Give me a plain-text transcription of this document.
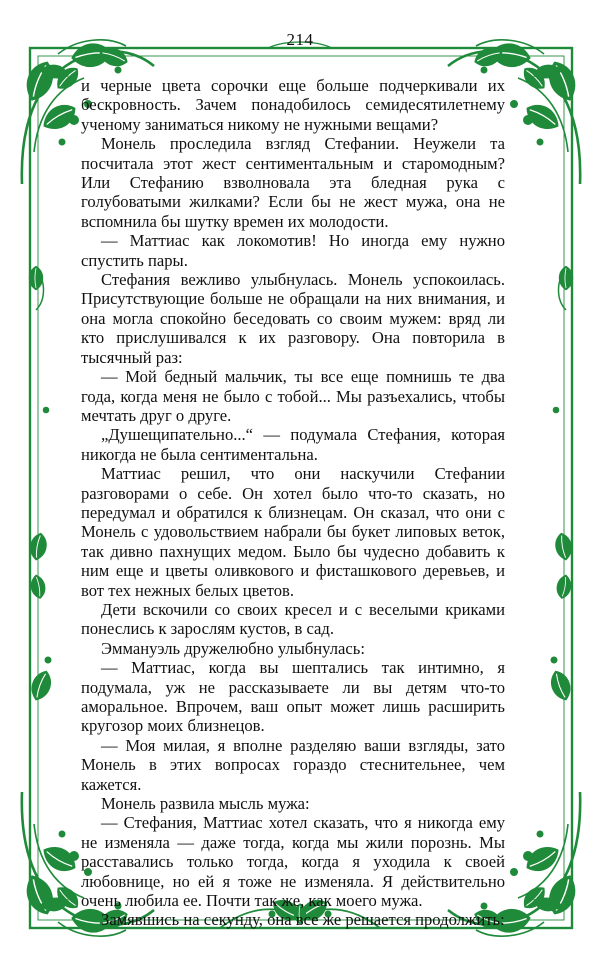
214

и черные цвета сорочки еще больше подчеркивали их бескровность. Зачем понадобилось семидесятилетнему ученому заниматься никому не нужными вещами?

Монель проследила взгляд Стефании. Неужели та посчитала этот жест сентиментальным и старомодным? Или Стефанию взволновала эта бледная рука с голубоватыми жилками? Если бы не жест мужа, она не вспомнила бы шутку времен их молодости.

— Маттиас как локомотив! Но иногда ему нужно спустить пары.

Стефания вежливо улыбнулась. Монель успокоилась. Присутствующие больше не обращали на них внимания, и она могла спокойно беседовать со своим мужем: вряд ли кто прислушивался к их разговору. Она повторила в тысячный раз:

— Мой бедный мальчик, ты все еще помнишь те два года, когда меня не было с тобой... Мы разъехались, чтобы мечтать друг о друге.

„Душещипательно...“ — подумала Стефания, которая никогда не была сентиментальна.

Маттиас решил, что они наскучили Стефании разговорами о себе. Он хотел было что-то сказать, но передумал и обратился к близнецам. Он сказал, что они с Монель с удовольствием набрали бы букет липовых веток, так дивно пахнущих медом. Было бы чудесно добавить к ним еще и цветы оливкового и фисташкового деревьев, и вот тех нежных белых цветов.

Дети вскочили со своих кресел и с веселыми криками понеслись к зарослям кустов, в сад.

Эммануэль дружелюбно улыбнулась:

— Маттиас, когда вы шептались так интимно, я подумала, уж не рассказываете ли вы детям что-то аморальное. Впрочем, ваш опыт может лишь расширить кругозор моих близнецов.

— Моя милая, я вполне разделяю ваши взгляды, зато Монель в этих вопросах гораздо стеснительнее, чем кажется.

Монель развила мысль мужа:

— Стефания, Маттиас хотел сказать, что я никогда ему не изменяла — даже тогда, когда мы жили порознь. Мы расставались только тогда, когда я уходила к своей любовнице, но ей я тоже не изменяла. Я действительно очень любила ее. Почти так же, как моего мужа.

Замявшись на секунду, она все же решается продолжить:
